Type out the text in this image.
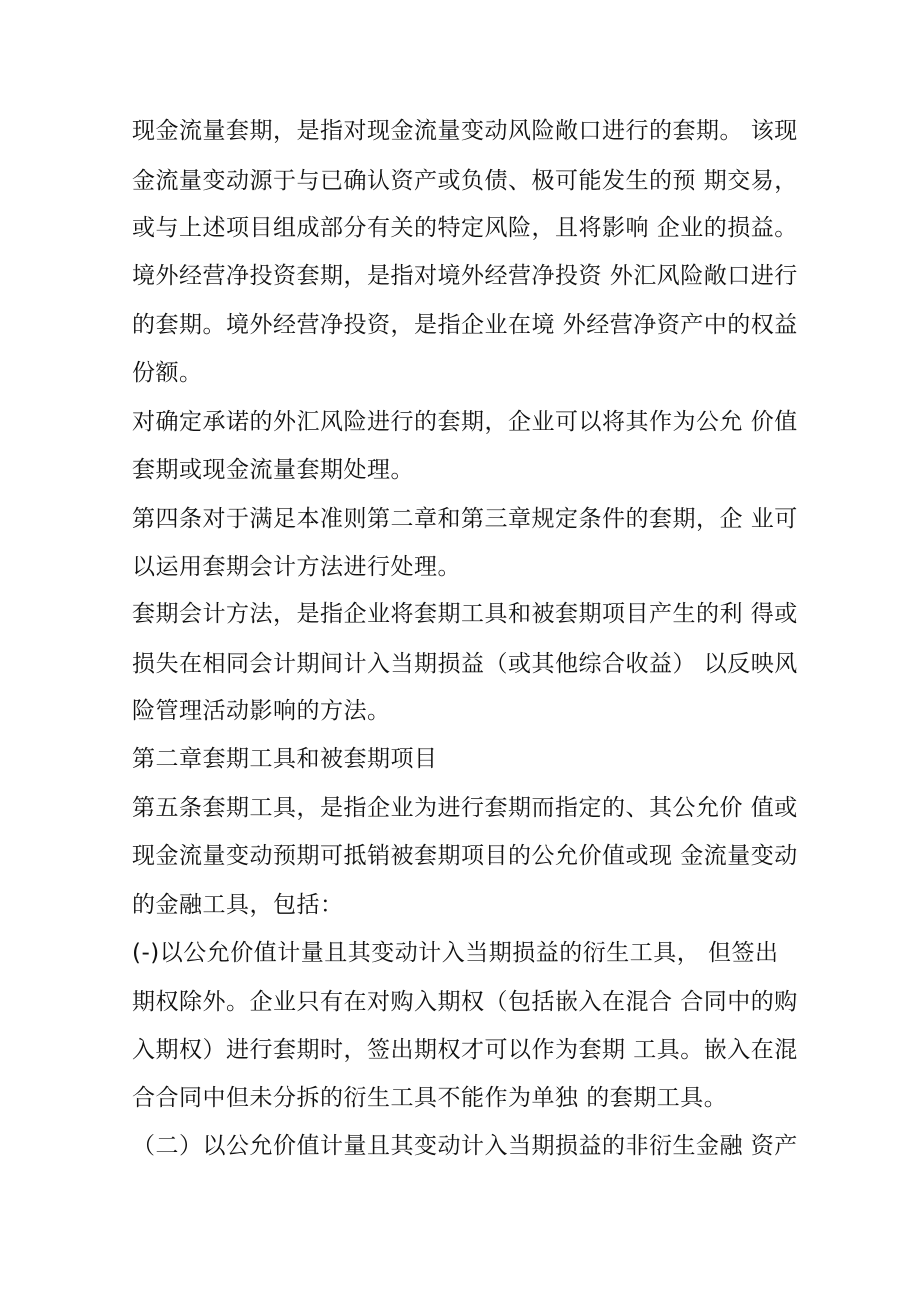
现金流量套期，是指对现金流量变动风险敞口进行的套期。 该现

金流量变动源于与已确认资产或负债、极可能发生的预 期交易，

或与上述项目组成部分有关的特定风险，且将影响 企业的损益。

境外经营净投资套期，是指对境外经营净投资 外汇风险敞口进行

的套期。境外经营净投资，是指企业在境 外经营净资产中的权益

份额。

对确定承诺的外汇风险进行的套期，企业可以将其作为公允 价值

套期或现金流量套期处理。

第四条对于满足本准则第二章和第三章规定条件的套期，企 业可

以运用套期会计方法进行处理。

套期会计方法，是指企业将套期工具和被套期项目产生的利 得或

损失在相同会计期间计入当期损益（或其他综合收益） 以反映风

险管理活动影响的方法。

第二章套期工具和被套期项目

第五条套期工具，是指企业为进行套期而指定的、其公允价 值或

现金流量变动预期可抵销被套期项目的公允价值或现 金流量变动

的金融工具，包括：

(-)以公允价值计量且其变动计入当期损益的衍生工具， 但签出

期权除外。企业只有在对购入期权（包括嵌入在混合 合同中的购

入期权）进行套期时，签出期权才可以作为套期 工具。嵌入在混

合合同中但未分拆的衍生工具不能作为单独 的套期工具。

（二）以公允价值计量且其变动计入当期损益的非衍生金融 资产
